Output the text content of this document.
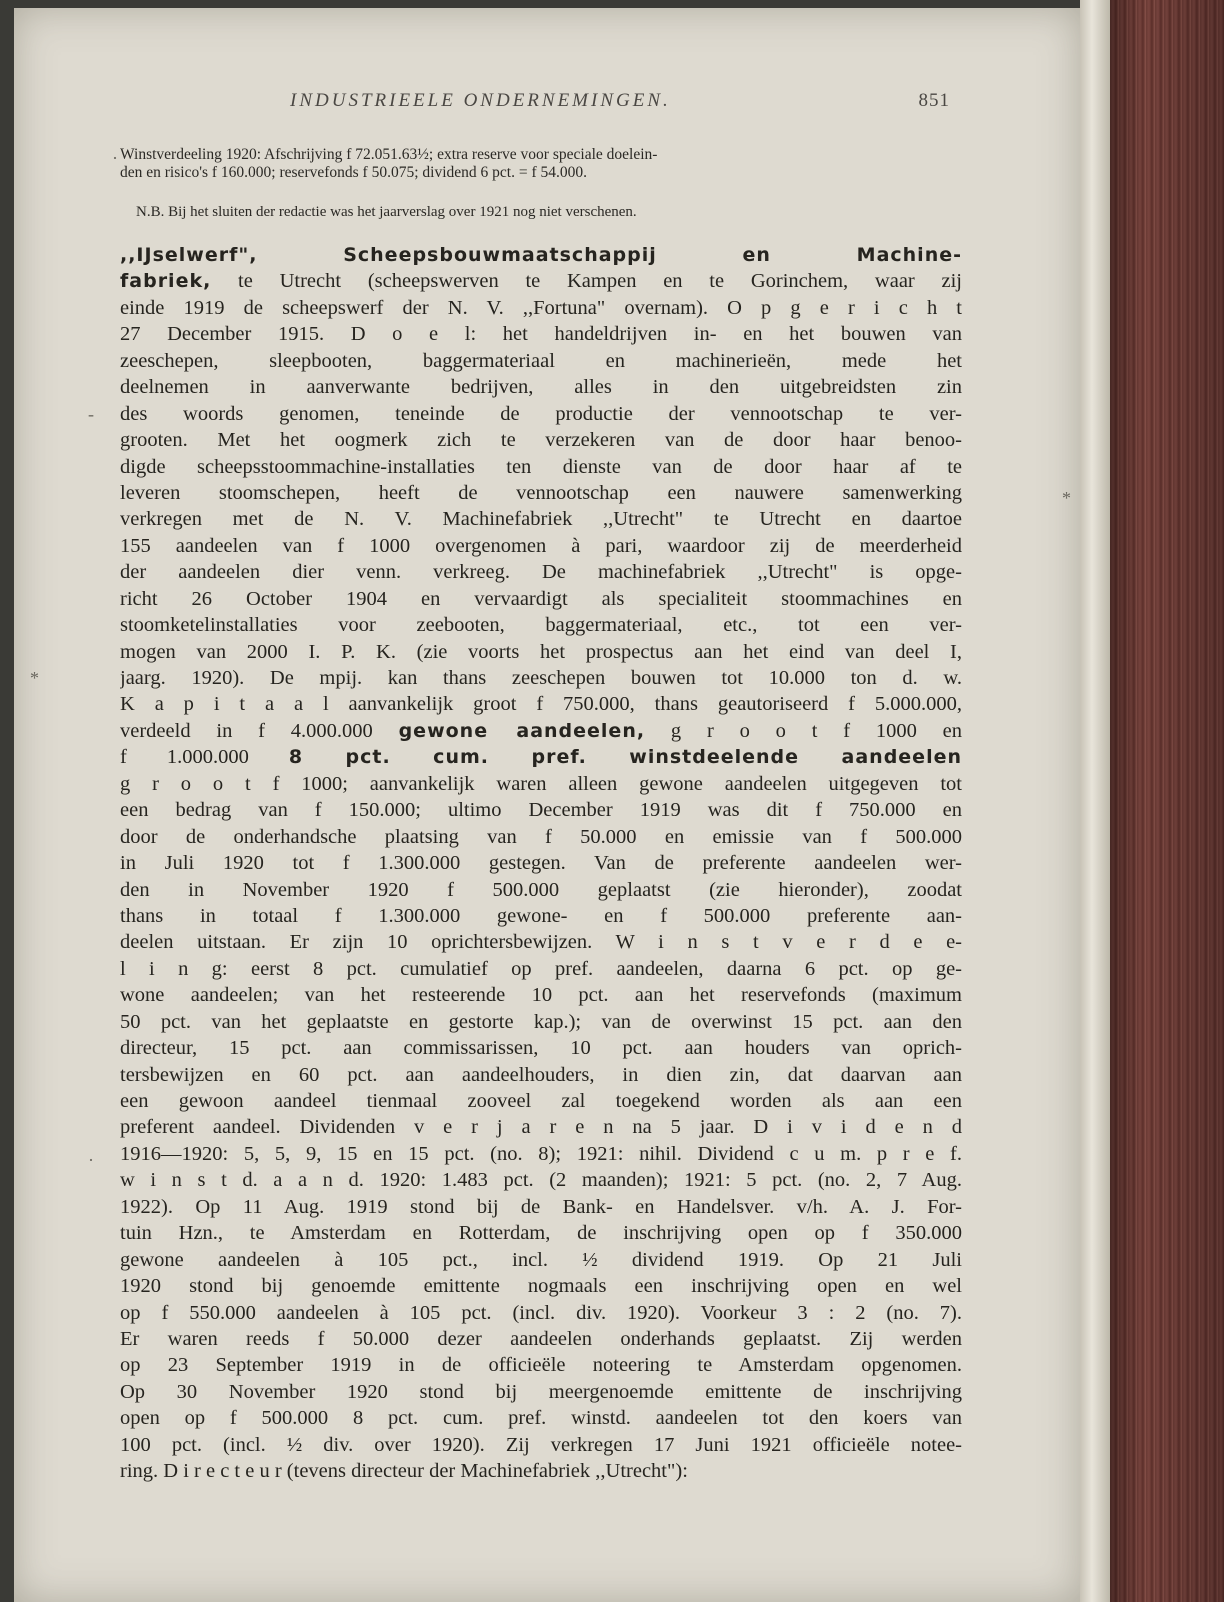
INDUSTRIEELE ONDERNEMINGEN.	851
Winstverdeeling 1920: Afschrijving f 72.051.63½; extra reserve voor speciale doelein-
den en risico's f 160.000; reservefonds f 50.075; dividend 6 pct. = f 54.000.
N.B. Bij het sluiten der redactie was het jaarverslag over 1921 nog niet verschenen.
,,IJselwerf", Scheepsbouwmaatschappij en Machine-
fabriek, te Utrecht (scheepswerven te Kampen en te Gorinchem, waar zij
einde 1919 de scheepswerf der N. V. ,,Fortuna" overnam). O p g e r i c h t
27 December 1915. D o e l: het handeldrijven in- en het bouwen van
zeeschepen, sleepbooten, baggermateriaal en machinerieën, mede het
deelnemen in aanverwante bedrijven, alles in den uitgebreidsten zin
des woords genomen, teneinde de productie der vennootschap te ver-
grooten. Met het oogmerk zich te verzekeren van de door haar benoo-
digde scheepsstoommachine-installaties ten dienste van de door haar af te
leveren stoomschepen, heeft de vennootschap een nauwere samenwerking
verkregen met de N. V. Machinefabriek ,,Utrecht" te Utrecht en daartoe
155 aandeelen van f 1000 overgenomen à pari, waardoor zij de meerderheid
der aandeelen dier venn. verkreeg. De machinefabriek ,,Utrecht" is opge-
richt 26 October 1904 en vervaardigt als specialiteit stoommachines en
stoomketelinstallaties voor zeebooten, baggermateriaal, etc., tot een ver-
mogen van 2000 I. P. K. (zie voorts het prospectus aan het eind van deel I,
jaarg. 1920). De mpij. kan thans zeeschepen bouwen tot 10.000 ton d. w.
K a p i t a a l aanvankelijk groot f 750.000, thans geautoriseerd f 5.000.000,
verdeeld in f 4.000.000 gewone aandeelen, g r o o t f 1000 en
f 1.000.000 8 pct. cum. pref. winstdeelende aandeelen
g r o o t f 1000; aanvankelijk waren alleen gewone aandeelen uitgegeven tot
een bedrag van f 150.000; ultimo December 1919 was dit f 750.000 en
door de onderhandsche plaatsing van f 50.000 en emissie van f 500.000
in Juli 1920 tot f 1.300.000 gestegen. Van de preferente aandeelen wer-
den in November 1920 f 500.000 geplaatst (zie hieronder), zoodat
thans in totaal f 1.300.000 gewone- en f 500.000 preferente aan-
deelen uitstaan. Er zijn 10 oprichtersbewijzen. W i n s t v e r d e e-
l i n g: eerst 8 pct. cumulatief op pref. aandeelen, daarna 6 pct. op ge-
wone aandeelen; van het resteerende 10 pct. aan het reservefonds (maximum
50 pct. van het geplaatste en gestorte kap.); van de overwinst 15 pct. aan den
directeur, 15 pct. aan commissarissen, 10 pct. aan houders van oprich-
tersbewijzen en 60 pct. aan aandeelhouders, in dien zin, dat daarvan aan
een gewoon aandeel tienmaal zooveel zal toegekend worden als aan een
preferent aandeel. Dividenden v e r j a r e n na 5 jaar. D i v i d e n d
1916—1920: 5, 5, 9, 15 en 15 pct. (no. 8); 1921: nihil. Dividend c u m. p r e f.
w i n s t d. a a n d. 1920: 1.483 pct. (2 maanden); 1921: 5 pct. (no. 2, 7 Aug.
1922). Op 11 Aug. 1919 stond bij de Bank- en Handelsver. v/h. A. J. For-
tuin Hzn., te Amsterdam en Rotterdam, de inschrijving open op f 350.000
gewone aandeelen à 105 pct., incl. ½ dividend 1919. Op 21 Juli
1920 stond bij genoemde emittente nogmaals een inschrijving open en wel
op f 550.000 aandeelen à 105 pct. (incl. div. 1920). Voorkeur 3 : 2 (no. 7).
Er waren reeds f 50.000 dezer aandeelen onderhands geplaatst. Zij werden
op 23 September 1919 in de officieële noteering te Amsterdam opgenomen.
Op 30 November 1920 stond bij meergenoemde emittente de inschrijving
open op f 500.000 8 pct. cum. pref. winstd. aandeelen tot den koers van
100 pct. (incl. ½ div. over 1920). Zij verkregen 17 Juni 1921 officieële notee-
ring. D i r e c t e u r (tevens directeur der Machinefabriek ,,Utrecht"):
·
-
*
·
*
